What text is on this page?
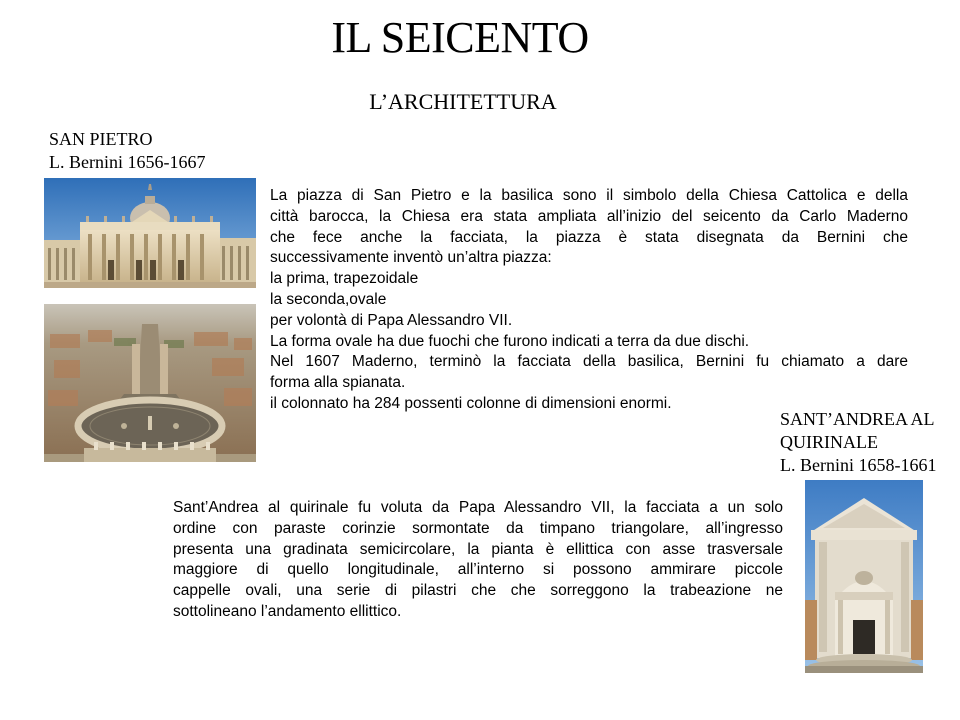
IL SEICENTO
L’ARCHITETTURA
SAN PIETRO
L. Bernini 1656-1667
La piazza di San Pietro e la basilica sono il simbolo della Chiesa Cattolica e della
città barocca, la Chiesa era stata ampliata all’inizio del seicento da Carlo Maderno
che fece anche la facciata, la piazza è stata disegnata da Bernini che
successivamente inventò un’altra piazza:
la prima, trapezoidale
la seconda,ovale
per volontà di Papa Alessandro VII.
La forma ovale ha due fuochi che furono indicati a terra da due dischi.
Nel 1607 Maderno, terminò la facciata della basilica, Bernini fu chiamato a dare
forma alla spianata.
il colonnato ha 284 possenti colonne di dimensioni enormi.
SANT’ANDREA AL
QUIRINALE
L. Bernini 1658-1661
Sant’Andrea al quirinale fu voluta da Papa Alessandro VII, la facciata a un solo
ordine con paraste corinzie sormontate da timpano triangolare, all’ingresso
presenta una gradinata semicircolare, la pianta è ellittica con asse trasversale
maggiore di quello longitudinale, all’interno si possono ammirare piccole
cappelle ovali, una serie di pilastri che che sorreggono la trabeazione ne
sottolineano l’andamento ellittico.
